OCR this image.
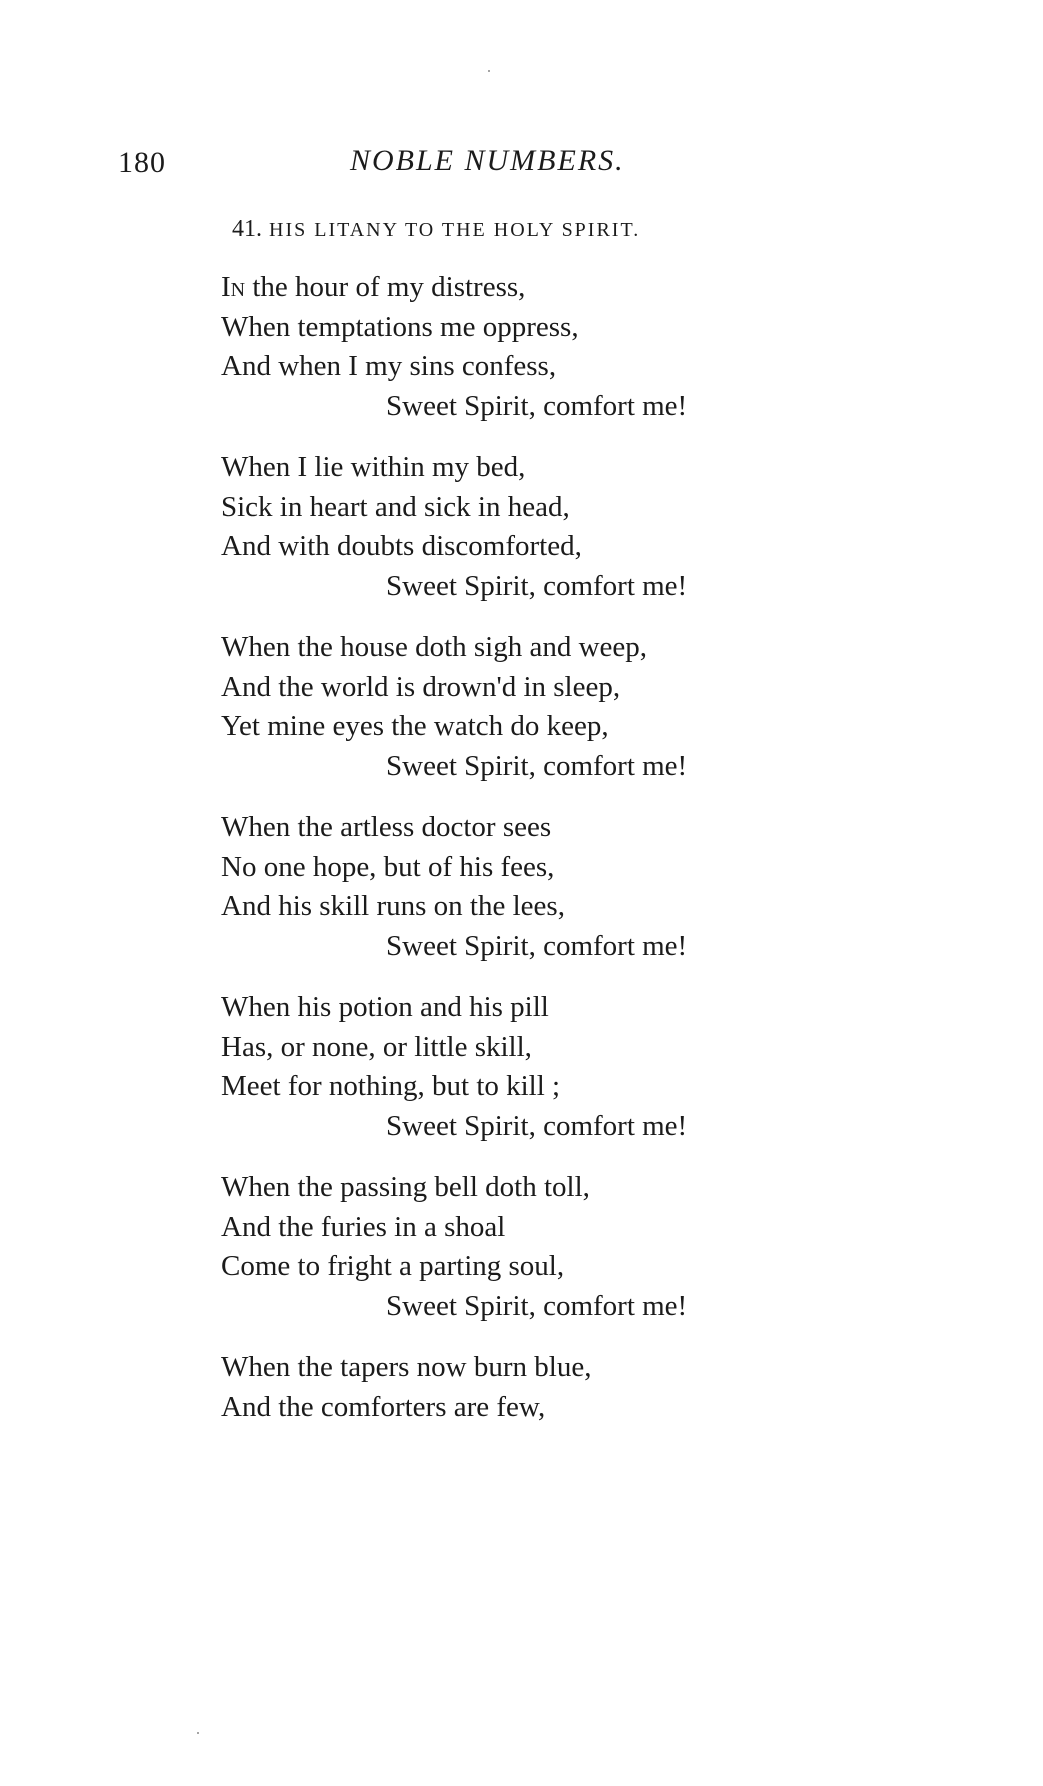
180	NOBLE NUMBERS.
41. HIS LITANY TO THE HOLY SPIRIT.
In the hour of my distress,
When temptations me oppress,
And when I my sins confess,
Sweet Spirit, comfort me!
When I lie within my bed,
Sick in heart and sick in head,
And with doubts discomforted,
Sweet Spirit, comfort me!
When the house doth sigh and weep,
And the world is drown'd in sleep,
Yet mine eyes the watch do keep,
Sweet Spirit, comfort me!
When the artless doctor sees
No one hope, but of his fees,
And his skill runs on the lees,
Sweet Spirit, comfort me!
When his potion and his pill
Has, or none, or little skill,
Meet for nothing, but to kill ;
Sweet Spirit, comfort me!
When the passing bell doth toll,
And the furies in a shoal
Come to fright a parting soul,
Sweet Spirit, comfort me!
When the tapers now burn blue,
And the comforters are few,
